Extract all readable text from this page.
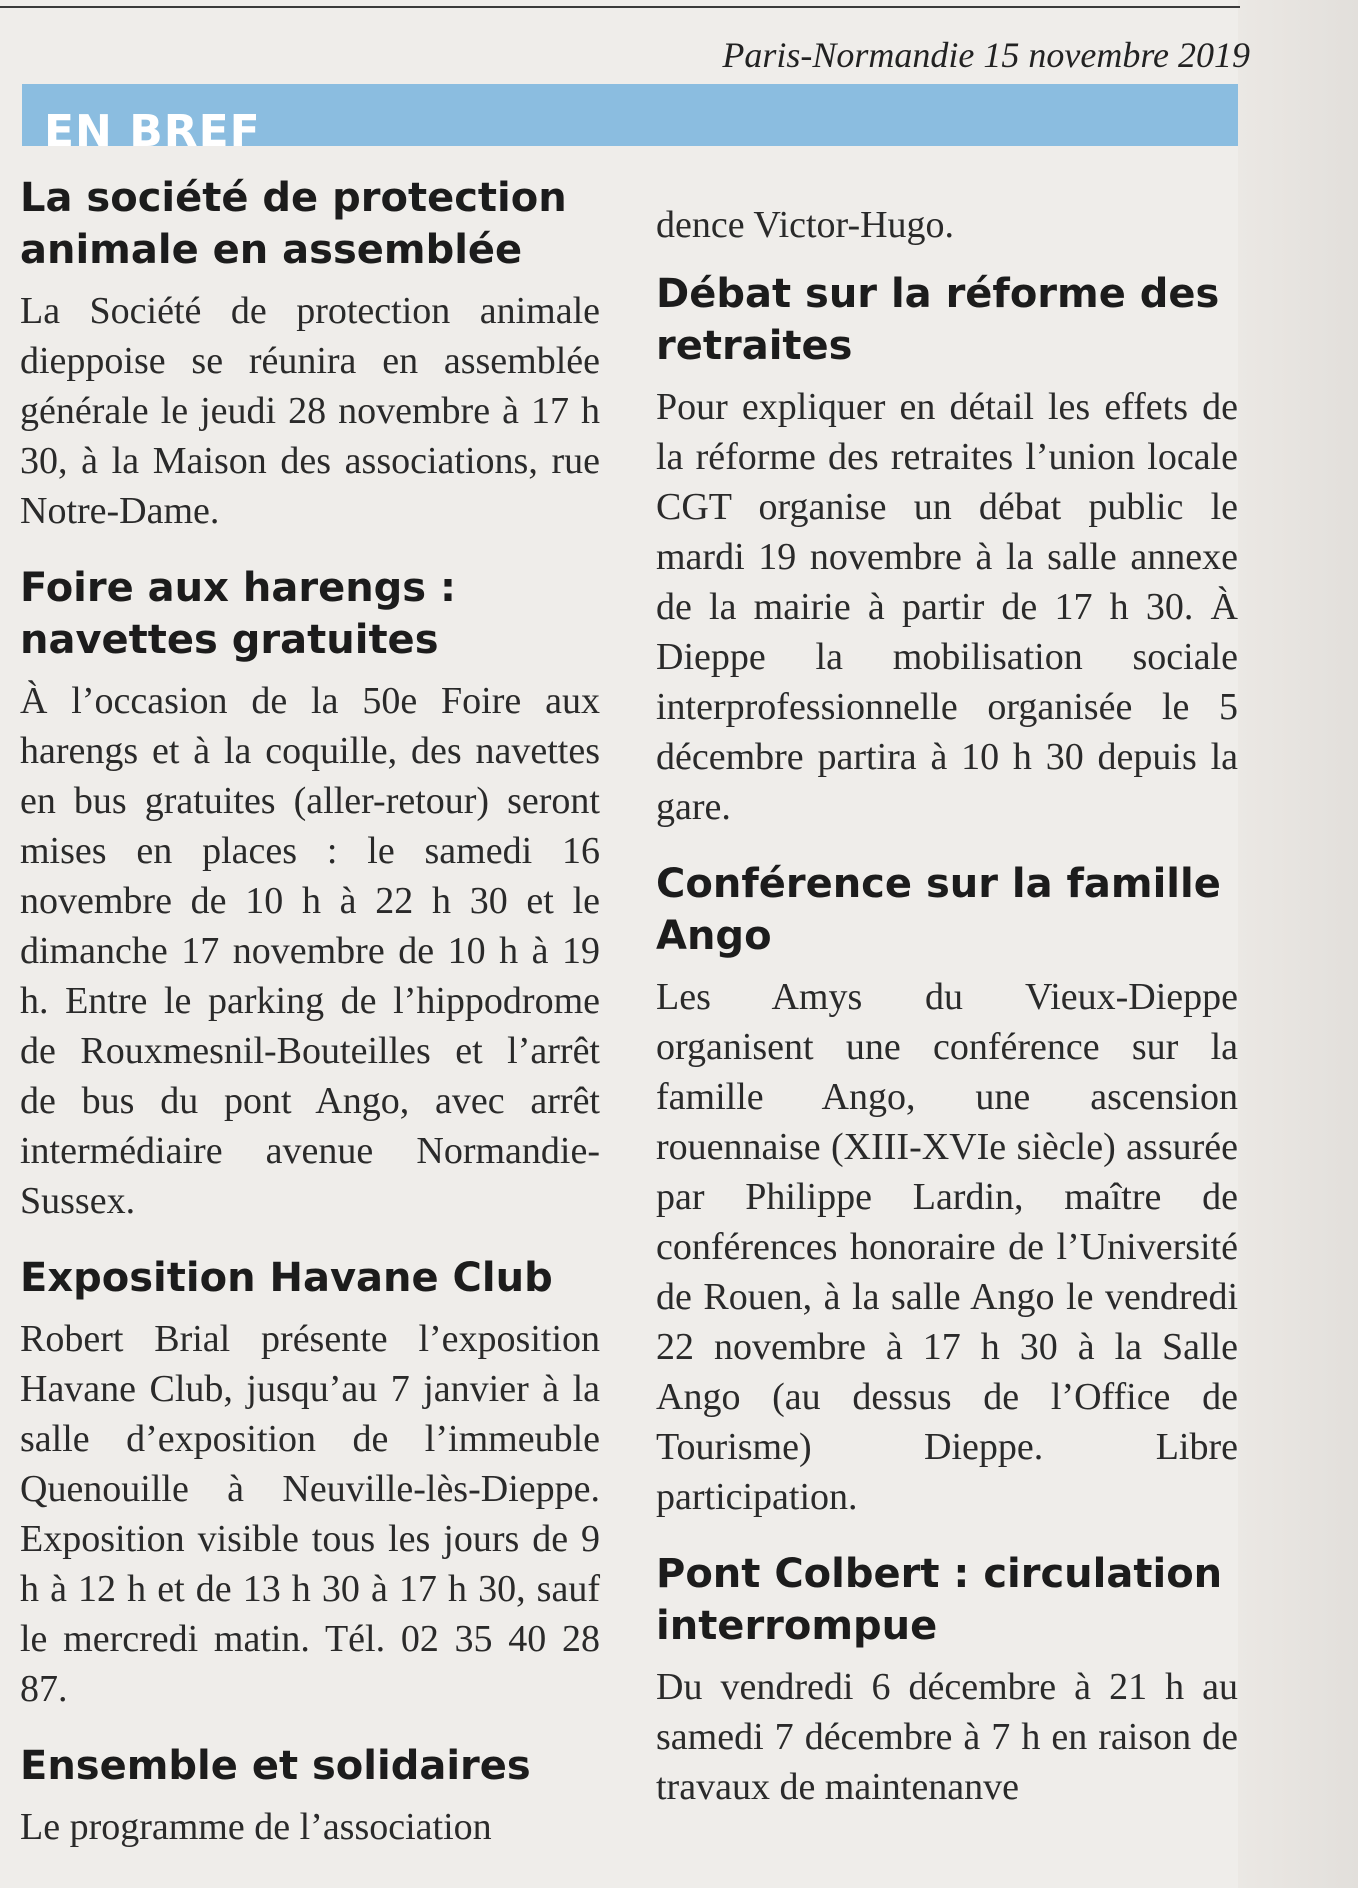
Paris-Normandie 15 novembre 2019
EN BREF
La société de protection animale en assemblée

La Société de protection animale dieppoise se réunira en assemblée générale le jeudi 28 novembre à 17 h 30, à la Maison des associations, rue Notre-Dame.

Foire aux harengs : navettes gratuites

À l’occasion de la 50e Foire aux harengs et à la coquille, des navettes en bus gratuites (aller-retour) seront mises en places : le samedi 16 novembre de 10 h à 22 h 30 et le dimanche 17 novembre de 10 h à 19 h. Entre le parking de l’hippodrome de Rouxmesnil-Bouteilles et l’arrêt de bus du pont Ango, avec arrêt intermédiaire avenue Normandie-Sussex.

Exposition Havane Club

Robert Brial présente l’exposition Havane Club, jusqu’au 7 janvier à la salle d’exposition de l’immeuble Quenouille à Neuville-lès-Dieppe. Exposition visible tous les jours de 9 h à 12 h et de 13 h 30 à 17 h 30, sauf le mercredi matin. Tél. 02 35 40 28 87.

Ensemble et solidaires

Le programme de l’association

dence Victor-Hugo.

Débat sur la réforme des retraites

Pour expliquer en détail les effets de la réforme des retraites l’union locale CGT organise un débat public le mardi 19 novembre à la salle annexe de la mairie à partir de 17 h 30. À Dieppe la mobilisation sociale interprofessionnelle organisée le 5 décembre partira à 10 h 30 depuis la gare.

Conférence sur la famille Ango

Les Amys du Vieux-Dieppe organisent une conférence sur la famille Ango, une ascension rouennaise (XIII-XVIe siècle) assurée par Philippe Lardin, maître de conférences honoraire de l’Université de Rouen, à la salle Ango le vendredi 22 novembre à 17 h 30 à la Salle Ango (au dessus de l’Office de Tourisme) Dieppe. Libre participation.

Pont Colbert : circulation interrompue

Du vendredi 6 décembre à 21 h au samedi 7 décembre à 7 h en raison de travaux de maintenanve
